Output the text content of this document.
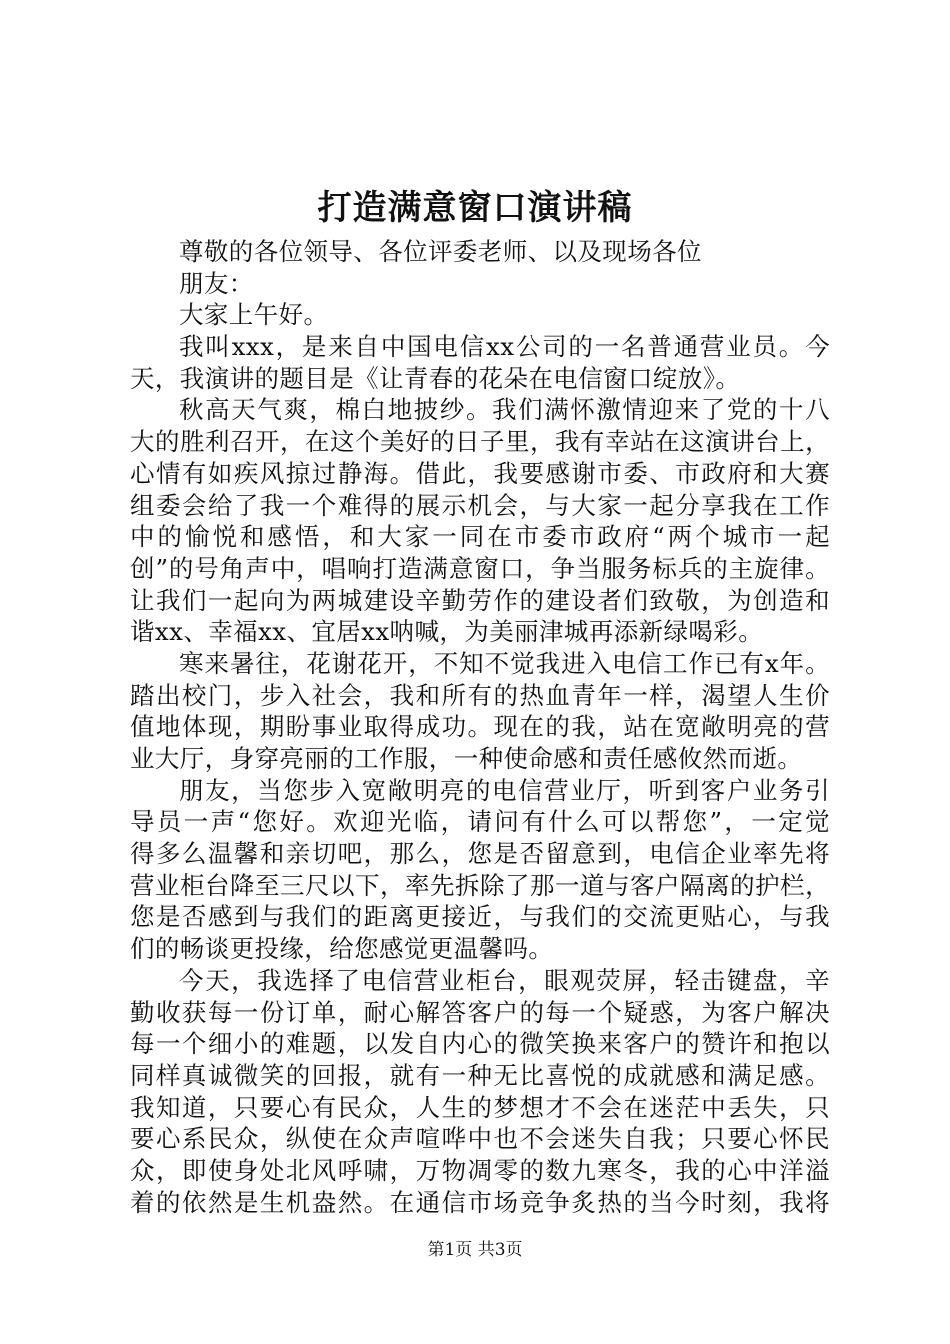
打造满意窗口演讲稿
尊敬的各位领导、各位评委老师、以及现场各位
朋友：
大家上午好。
我叫xxx，是来自中国电信xx公司的一名普通营业员。今
天，我演讲的题目是《让青春的花朵在电信窗口绽放》。
秋高天气爽，棉白地披纱。我们满怀激情迎来了党的十八
大的胜利召开，在这个美好的日子里，我有幸站在这演讲台上，
心情有如疾风掠过静海。借此，我要感谢市委、市政府和大赛
组委会给了我一个难得的展示机会，与大家一起分享我在工作
中的愉悦和感悟，和大家一同在市委市政府“两个城市一起
创”的号角声中，唱响打造满意窗口，争当服务标兵的主旋律。
让我们一起向为两城建设辛勤劳作的建设者们致敬，为创造和
谐xx、幸福xx、宜居xx呐喊，为美丽津城再添新绿喝彩。
寒来暑往，花谢花开，不知不觉我进入电信工作已有x年。
踏出校门，步入社会，我和所有的热血青年一样，渴望人生价
值地体现，期盼事业取得成功。现在的我，站在宽敞明亮的营
业大厅，身穿亮丽的工作服，一种使命感和责任感攸然而逝。
朋友，当您步入宽敞明亮的电信营业厅，听到客户业务引
导员一声“您好。欢迎光临，请问有什么可以帮您”，一定觉
得多么温馨和亲切吧，那么，您是否留意到，电信企业率先将
营业柜台降至三尺以下，率先拆除了那一道与客户隔离的护栏，
您是否感到与我们的距离更接近，与我们的交流更贴心，与我
们的畅谈更投缘，给您感觉更温馨吗。
今天，我选择了电信营业柜台，眼观荧屏，轻击键盘，辛
勤收获每一份订单，耐心解答客户的每一个疑惑，为客户解决
每一个细小的难题，以发自内心的微笑换来客户的赞许和抱以
同样真诚微笑的回报，就有一种无比喜悦的成就感和满足感。
我知道，只要心有民众，人生的梦想才不会在迷茫中丢失，只
要心系民众，纵使在众声喧哗中也不会迷失自我；只要心怀民
众，即使身处北风呼啸，万物凋零的数九寒冬，我的心中洋溢
着的依然是生机盎然。在通信市场竞争炙热的当今时刻，我将
第1页 共3页
